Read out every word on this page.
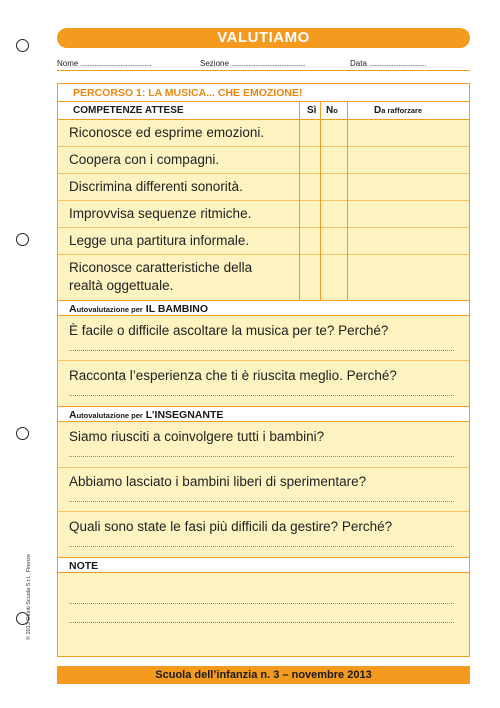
VALUTIAMO
Nome .........................................	Sezione ...........................................	Data .................................
PERCORSO 1: LA MUSICA... CHE EMOZIONE!
COMPETENZE ATTESE	Sì No	Da rafforzare
Riconosce ed esprime emozioni.
Coopera con i compagni.
Discrimina differenti sonorità.
Improvvisa sequenze ritmiche.
Legge una partitura informale.
Riconosce caratteristiche della
realtà oggettuale.
Autovalutazione per IL BAMBINO
È facile o difficile ascoltare la musica per te? Perché?
Racconta l’esperienza che ti è riuscita meglio. Perché?
Autovalutazione per L’INSEGNANTE
Siamo riusciti a coinvolgere tutti i bambini?
Abbiamo lasciato i bambini liberi di sperimentare?
Quali sono state le fasi più difficili da gestire? Perché?
NOTE
Scuola dell’infanzia n. 3 – novembre 2013
© 2013 Giunti Scuola S.r.l., Firenze
